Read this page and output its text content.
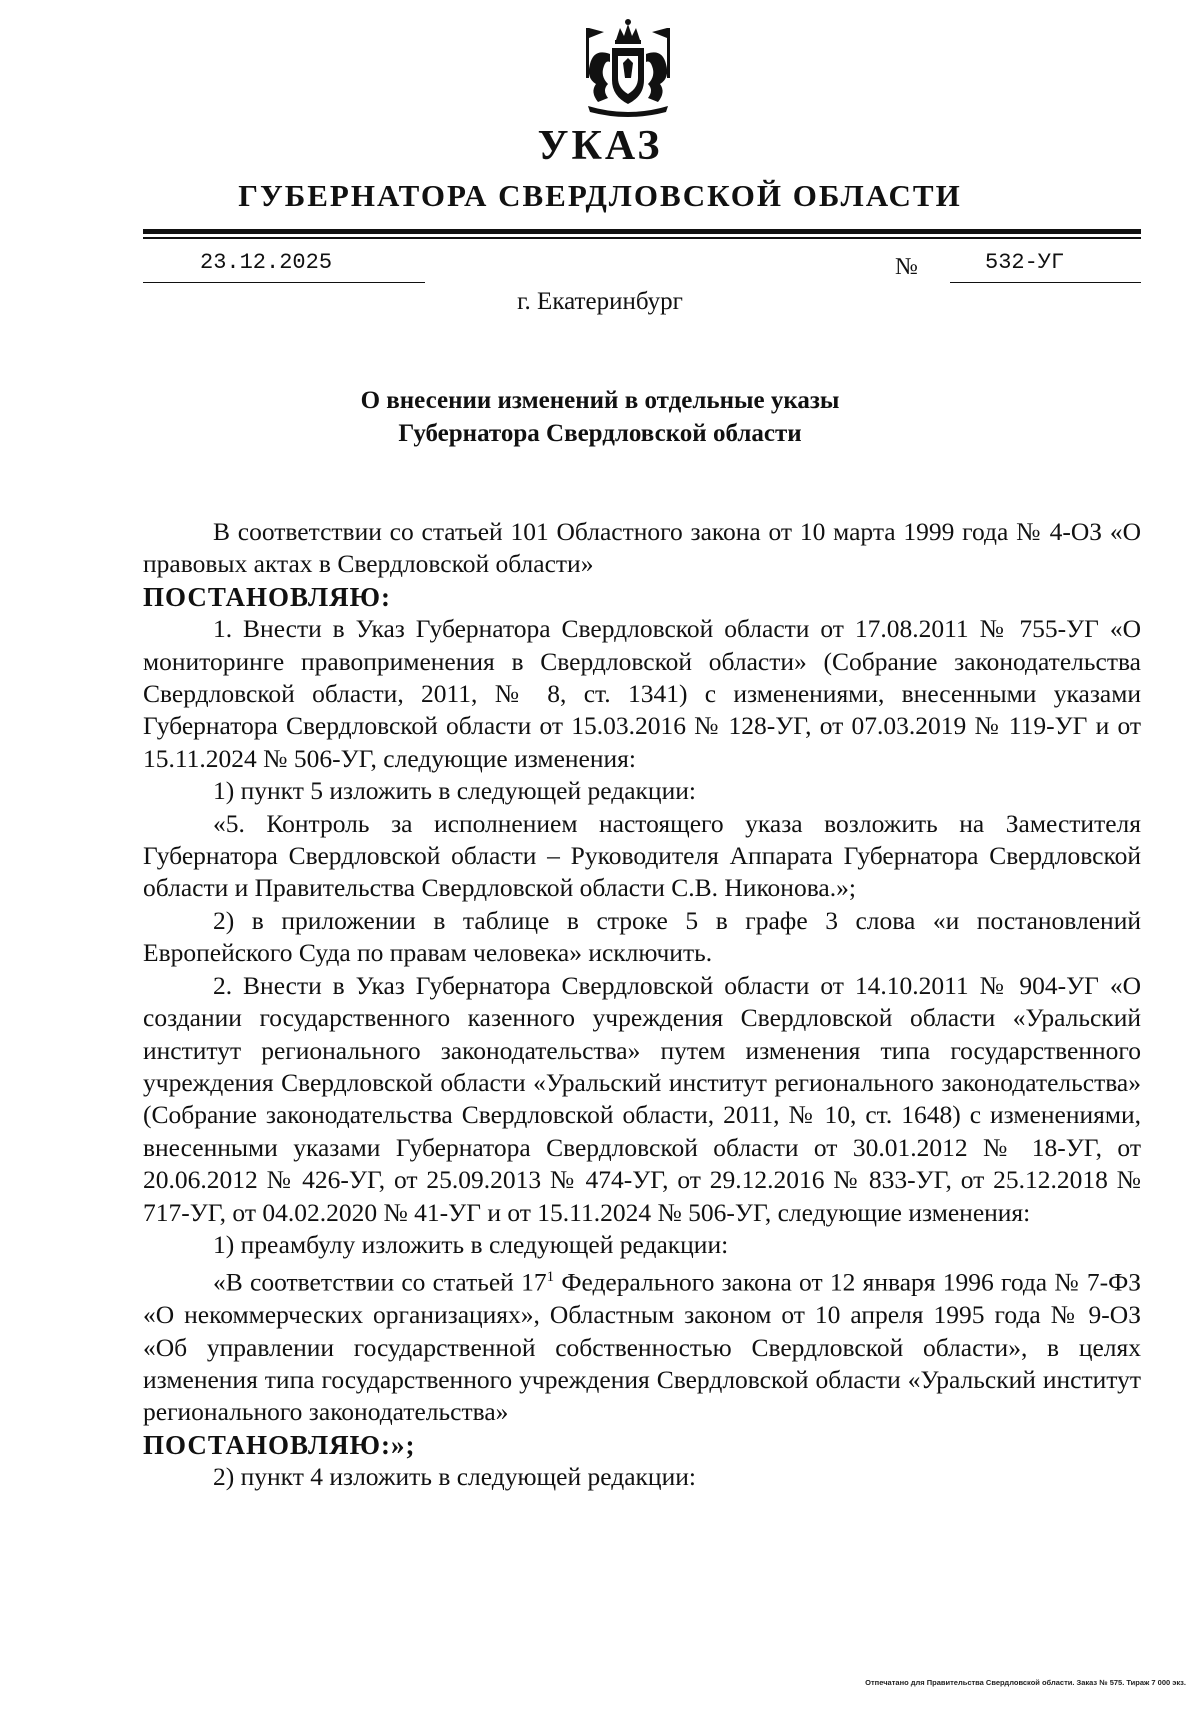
УКАЗ
ГУБЕРНАТОРА СВЕРДЛОВСКОЙ ОБЛАСТИ
23.12.2025	№	532-УГ
г. Екатеринбург
О внесении изменений в отдельные указы
Губернатора Свердловской области

В соответствии со статьей 101 Областного закона от 10 марта 1999 года № 4-ОЗ «О правовых актах в Свердловской области»

ПОСТАНОВЛЯЮ:

1. Внести в Указ Губернатора Свердловской области от 17.08.2011 № 755-УГ «О мониторинге правоприменения в Свердловской области» (Собрание законодательства Свердловской области, 2011, № 8, ст. 1341) с изменениями, внесенными указами Губернатора Свердловской области от 15.03.2016 № 128-УГ, от 07.03.2019 № 119-УГ и от 15.11.2024 № 506-УГ, следующие изменения:

1) пункт 5 изложить в следующей редакции:

«5. Контроль за исполнением настоящего указа возложить на Заместителя Губернатора Свердловской области – Руководителя Аппарата Губернатора Свердловской области и Правительства Свердловской области С.В. Никонова.»;

2) в приложении в таблице в строке 5 в графе 3 слова «и постановлений Европейского Суда по правам человека» исключить.

2. Внести в Указ Губернатора Свердловской области от 14.10.2011 № 904-УГ «О создании государственного казенного учреждения Свердловской области «Уральский институт регионального законодательства» путем изменения типа государственного учреждения Свердловской области «Уральский институт регионального законодательства» (Собрание законодательства Свердловской области, 2011, № 10, ст. 1648) с изменениями, внесенными указами Губернатора Свердловской области от 30.01.2012 № 18-УГ, от 20.06.2012 № 426-УГ, от 25.09.2013 № 474-УГ, от 29.12.2016 № 833-УГ, от 25.12.2018 № 717-УГ, от 04.02.2020 № 41-УГ и от 15.11.2024 № 506-УГ, следующие изменения:

1) преамбулу изложить в следующей редакции:

«В соответствии со статьей $17^1$ Федерального закона от 12 января 1996 года № 7-ФЗ «О некоммерческих организациях», Областным законом от 10 апреля 1995 года № 9-ОЗ «Об управлении государственной собственностью Свердловской области», в целях изменения типа государственного учреждения Свердловской области «Уральский институт регионального законодательства»

ПОСТАНОВЛЯЮ:»;

2) пункт 4 изложить в следующей редакции:

Отпечатано для Правительства Свердловской области. Заказ № 575. Тираж 7 000 экз.
